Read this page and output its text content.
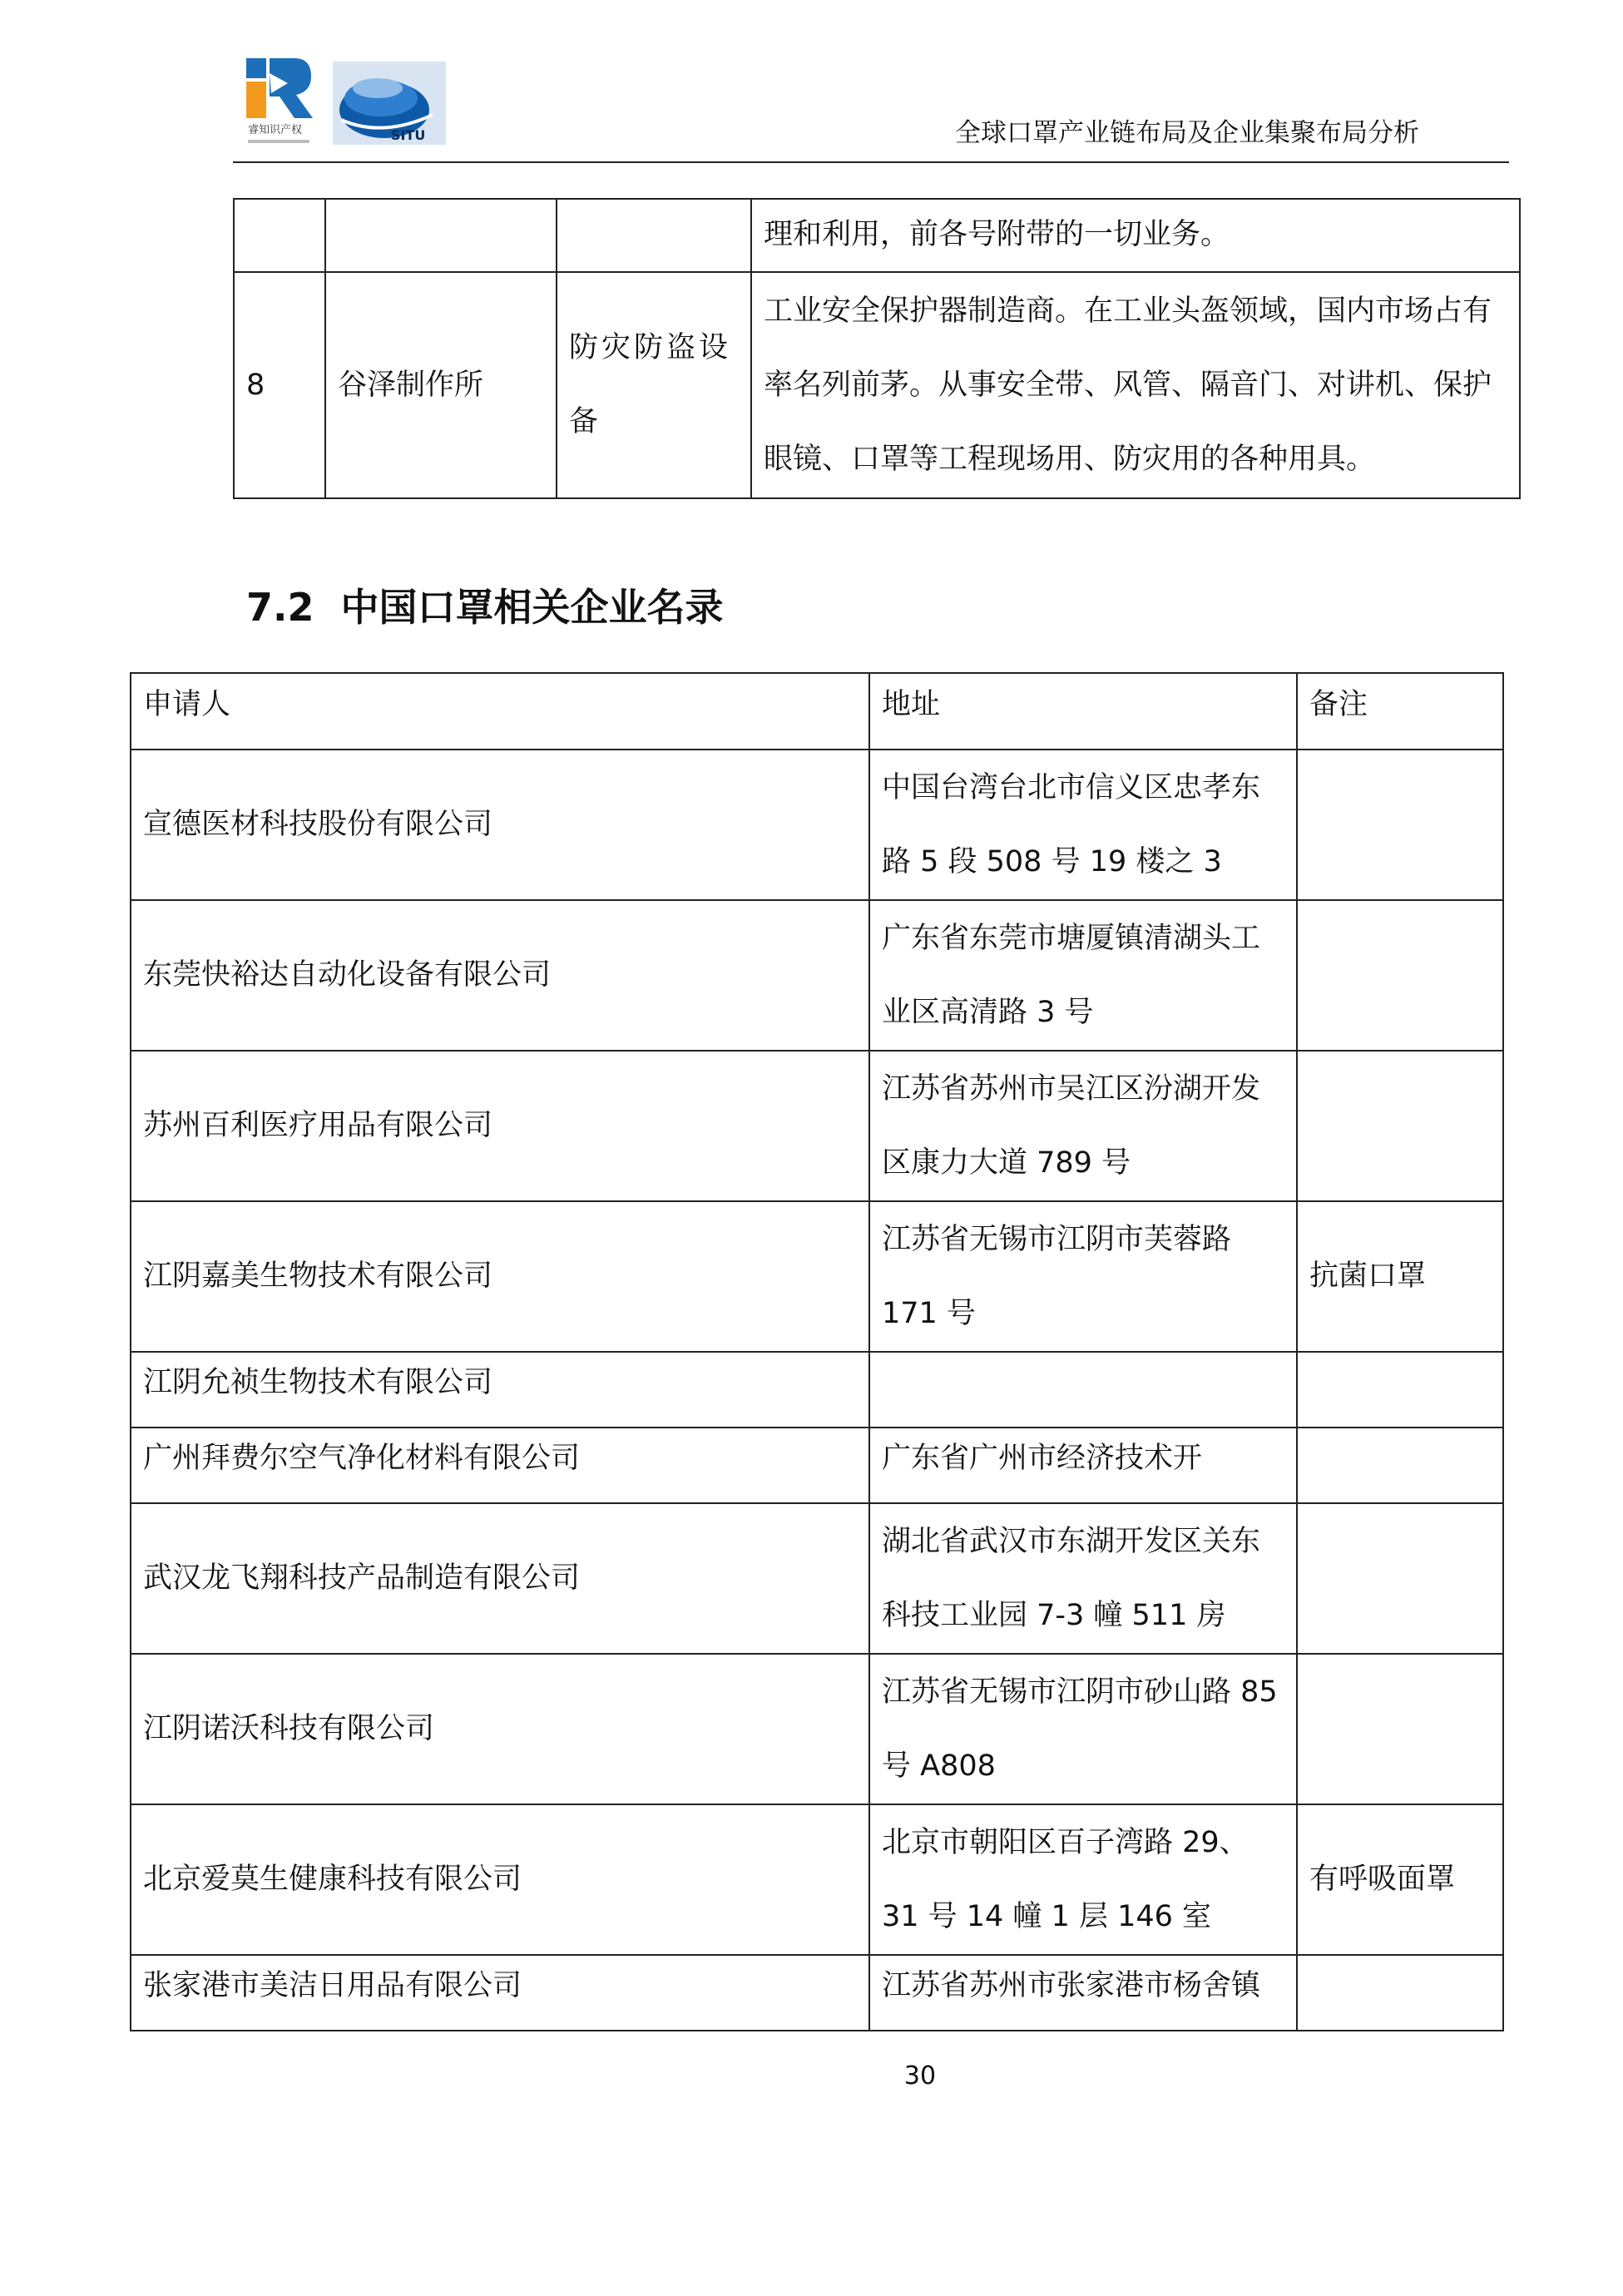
睿知识产权	SITU	全球口罩产业链布局及企业集聚布局分析
			理和利用，前各号附带的一切业务。
8	谷泽制作所	防灾防盗设备	工业安全保护器制造商。在工业头盔领域，国内市场占有率名列前茅。从事安全带、风管、隔音门、对讲机、保护眼镜、口罩等工程现场用、防灾用的各种用具。
7.2 中国口罩相关企业名录
申请人	地址	备注
宣德医材科技股份有限公司	中国台湾台北市信义区忠孝东路 5 段 508 号 19 楼之 3	
东莞快裕达自动化设备有限公司	广东省东莞市塘厦镇清湖头工业区高清路 3 号	
苏州百利医疗用品有限公司	江苏省苏州市吴江区汾湖开发区康力大道 789 号	
江阴嘉美生物技术有限公司	江苏省无锡市江阴市芙蓉路 171 号	抗菌口罩
江阴允祯生物技术有限公司		
广州拜费尔空气净化材料有限公司	广东省广州市经济技术开	
武汉龙飞翔科技产品制造有限公司	湖北省武汉市东湖开发区关东科技工业园 7-3 幢 511 房	
江阴诺沃科技有限公司	江苏省无锡市江阴市砂山路 85 号 A808	
北京爱莫生健康科技有限公司	北京市朝阳区百子湾路 29、31 号 14 幢 1 层 146 室	有呼吸面罩
张家港市美洁日用品有限公司	江苏省苏州市张家港市杨舍镇	
30
